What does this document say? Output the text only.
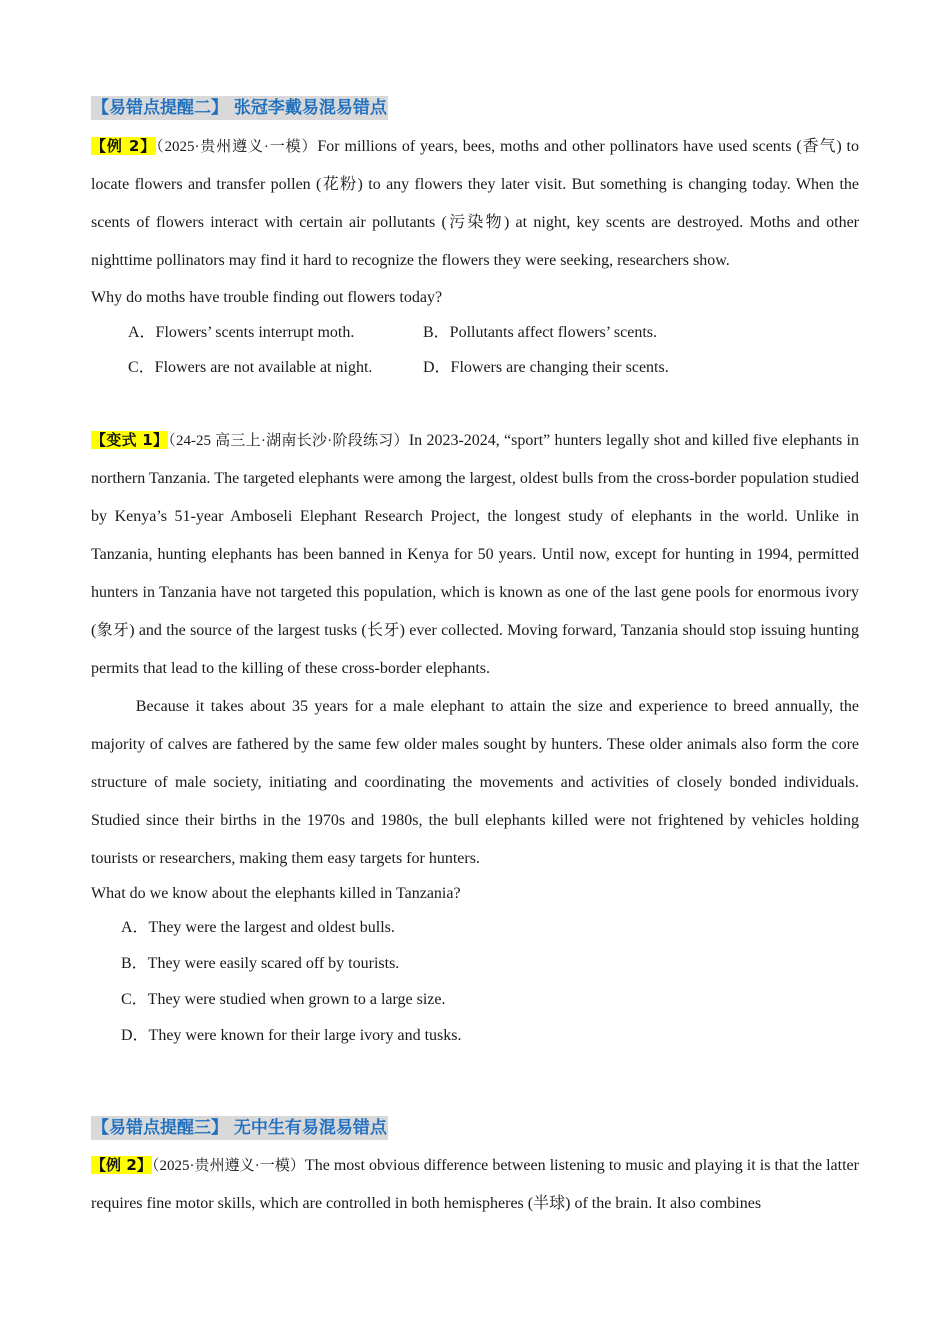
【易错点提醒二】 张冠李戴易混易错点

【例 2】（2025·贵州遵义·一模）For millions of years, bees, moths and other pollinators have used scents (香气) to locate flowers and transfer pollen (花粉) to any flowers they later visit. But something is changing today. When the scents of flowers interact with certain air pollutants (污染物) at night, key scents are destroyed. Moths and other nighttime pollinators may find it hard to recognize the flowers they were seeking, researchers show.

Why do moths have trouble finding out flowers today?

A．Flowers’ scents interrupt moth.	B．Pollutants affect flowers’ scents.
C．Flowers are not available at night.	D．Flowers are changing their scents.

【变式 1】（24-25 高三上·湖南长沙·阶段练习）In 2023-2024, “sport” hunters legally shot and killed five elephants in northern Tanzania. The targeted elephants were among the largest, oldest bulls from the cross-border population studied by Kenya’s 51-year Amboseli Elephant Research Project, the longest study of elephants in the world. Unlike in Tanzania, hunting elephants has been banned in Kenya for 50 years. Until now, except for hunting in 1994, permitted hunters in Tanzania have not targeted this population, which is known as one of the last gene pools for enormous ivory (象牙) and the source of the largest tusks (长牙) ever collected. Moving forward, Tanzania should stop issuing hunting permits that lead to the killing of these cross-border elephants.

Because it takes about 35 years for a male elephant to attain the size and experience to breed annually, the majority of calves are fathered by the same few older males sought by hunters. These older animals also form the core structure of male society, initiating and coordinating the movements and activities of closely bonded individuals. Studied since their births in the 1970s and 1980s, the bull elephants killed were not frightened by vehicles holding tourists or researchers, making them easy targets for hunters.

What do we know about the elephants killed in Tanzania?

A．They were the largest and oldest bulls.
B．They were easily scared off by tourists.
C．They were studied when grown to a large size.
D．They were known for their large ivory and tusks.
【易错点提醒三】 无中生有易混易错点

【例 2】（2025·贵州遵义·一模）The most obvious difference between listening to music and playing it is that the latter requires fine motor skills, which are controlled in both hemispheres (半球) of the brain. It also combines
